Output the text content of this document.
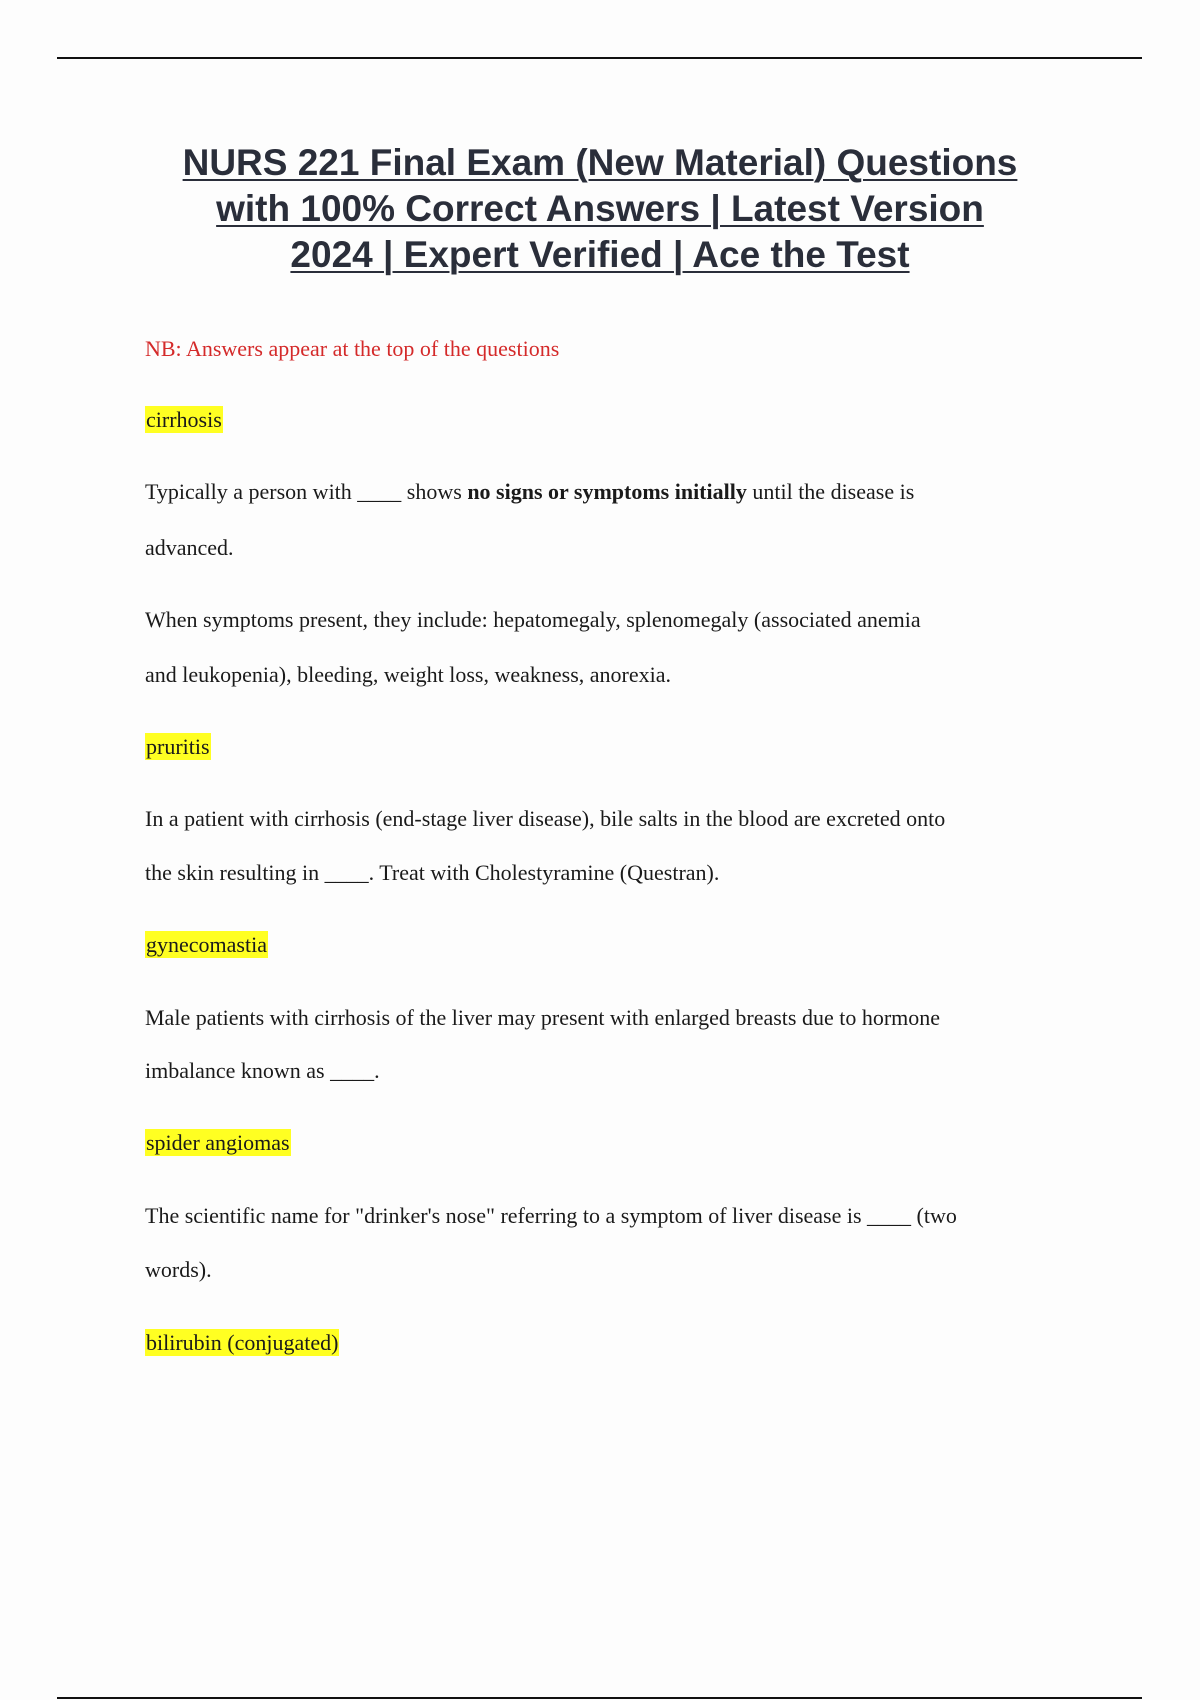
NURS 221 Final Exam (New Material) Questions
with 100% Correct Answers | Latest Version
2024 | Expert Verified | Ace the Test
NB: Answers appear at the top of the questions
cirrhosis
Typically a person with ____ shows no signs or symptoms initially until the disease is
advanced.
When symptoms present, they include: hepatomegaly, splenomegaly (associated anemia
and leukopenia), bleeding, weight loss, weakness, anorexia.
pruritis
In a patient with cirrhosis (end-stage liver disease), bile salts in the blood are excreted onto
the skin resulting in ____. Treat with Cholestyramine (Questran).
gynecomastia
Male patients with cirrhosis of the liver may present with enlarged breasts due to hormone
imbalance known as ____.
spider angiomas
The scientific name for "drinker's nose" referring to a symptom of liver disease is ____ (two
words).
bilirubin (conjugated)
